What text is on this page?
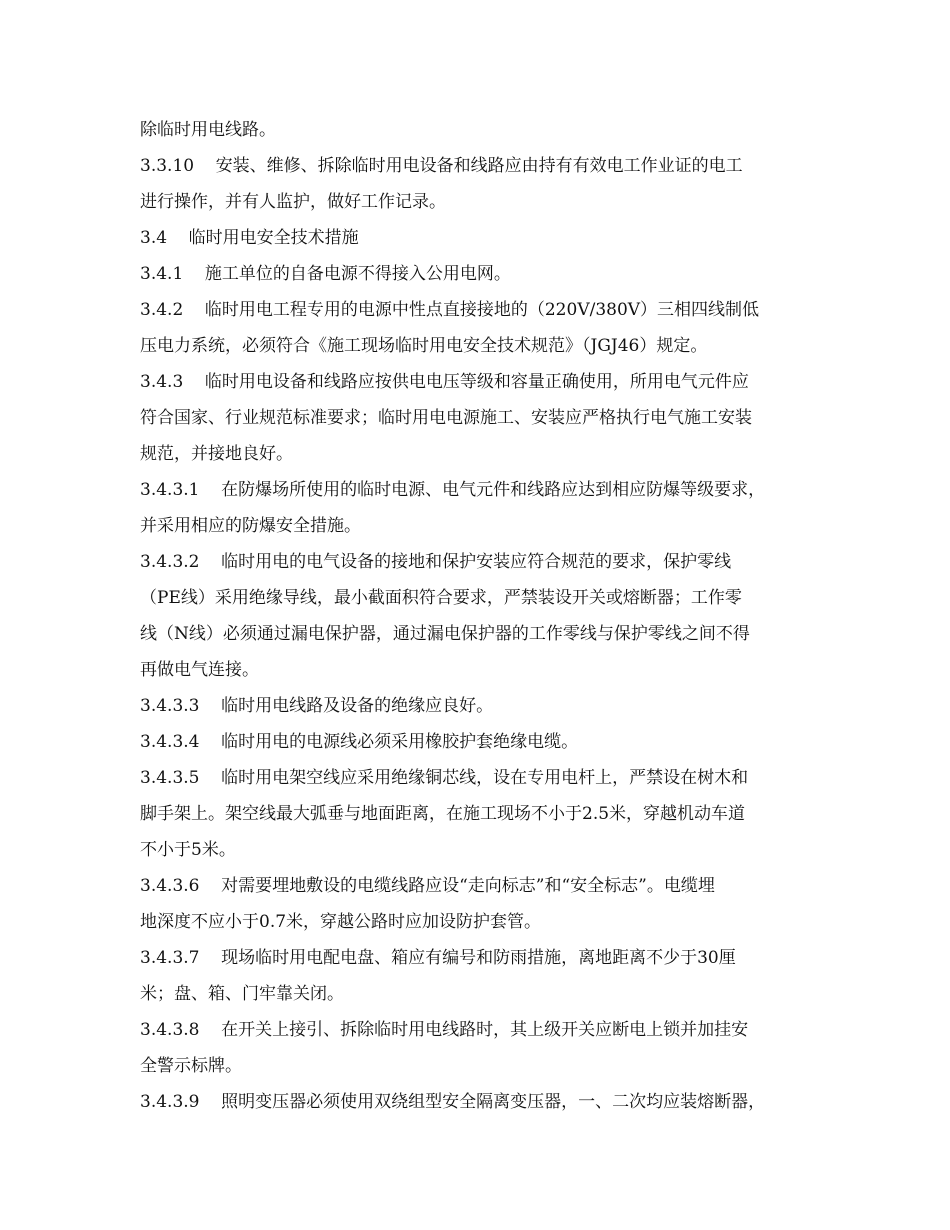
除临时用电线路。
3.3.10    安装、维修、拆除临时用电设备和线路应由持有有效电工作业证的电工
进行操作，并有人监护，做好工作记录。
3.4    临时用电安全技术措施
3.4.1    施工单位的自备电源不得接入公用电网。
3.4.2    临时用电工程专用的电源中性点直接接地的（220V/380V）三相四线制低
压电力系统，必须符合《施工现场临时用电安全技术规范》（JGJ46）规定。
3.4.3    临时用电设备和线路应按供电电压等级和容量正确使用，所用电气元件应
符合国家、行业规范标准要求；临时用电电源施工、安装应严格执行电气施工安装
规范，并接地良好。
3.4.3.1    在防爆场所使用的临时电源、电气元件和线路应达到相应防爆等级要求，
并采用相应的防爆安全措施。
3.4.3.2    临时用电的电气设备的接地和保护安装应符合规范的要求，保护零线
（PE线）采用绝缘导线，最小截面积符合要求，严禁装设开关或熔断器；工作零
线（N线）必须通过漏电保护器，通过漏电保护器的工作零线与保护零线之间不得
再做电气连接。
3.4.3.3    临时用电线路及设备的绝缘应良好。
3.4.3.4    临时用电的电源线必须采用橡胶护套绝缘电缆。
3.4.3.5    临时用电架空线应采用绝缘铜芯线，设在专用电杆上，严禁设在树木和
脚手架上。架空线最大弧垂与地面距离，在施工现场不小于2.5米，穿越机动车道
不小于5米。
3.4.3.6    对需要埋地敷设的电缆线路应设“走向标志”和“安全标志”。电缆埋
地深度不应小于0.7米，穿越公路时应加设防护套管。
3.4.3.7    现场临时用电配电盘、箱应有编号和防雨措施，离地距离不少于30厘
米；盘、箱、门牢靠关闭。
3.4.3.8    在开关上接引、拆除临时用电线路时，其上级开关应断电上锁并加挂安
全警示标牌。
3.4.3.9    照明变压器必须使用双绕组型安全隔离变压器，一、二次均应装熔断器，
